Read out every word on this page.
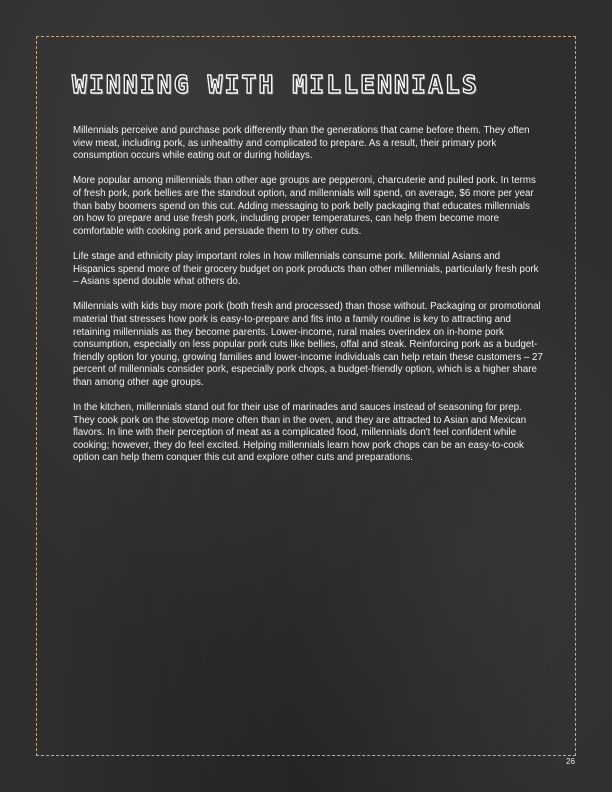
WINNING WITH MILLENNIALS

Millennials perceive and purchase pork differently than the generations that came before them. They often view meat, including pork, as unhealthy and complicated to prepare. As a result, their primary pork consumption occurs while eating out or during holidays.

More popular among millennials than other age groups are pepperoni, charcuterie and pulled pork. In terms of fresh pork, pork bellies are the standout option, and millennials will spend, on average, $6 more per year than baby boomers spend on this cut. Adding messaging to pork belly packaging that educates millennials on how to prepare and use fresh pork, including proper temperatures, can help them become more comfortable with cooking pork and persuade them to try other cuts.

Life stage and ethnicity play important roles in how millennials consume pork. Millennial Asians and Hispanics spend more of their grocery budget on pork products than other millennials, particularly fresh pork – Asians spend double what others do.

Millennials with kids buy more pork (both fresh and processed) than those without. Packaging or promotional material that stresses how pork is easy-to-prepare and fits into a family routine is key to attracting and retaining millennials as they become parents. Lower-income, rural males overindex on in-home pork consumption, especially on less popular pork cuts like bellies, offal and steak. Reinforcing pork as a budget-friendly option for young, growing families and lower-income individuals can help retain these customers – 27 percent of millennials consider pork, especially pork chops, a budget-friendly option, which is a higher share than among other age groups.

In the kitchen, millennials stand out for their use of marinades and sauces instead of seasoning for prep. They cook pork on the stovetop more often than in the oven, and they are attracted to Asian and Mexican flavors. In line with their perception of meat as a complicated food, millennials don't feel confident while cooking; however, they do feel excited. Helping millennials learn how pork chops can be an easy-to-cook option can help them conquer this cut and explore other cuts and preparations.

26
